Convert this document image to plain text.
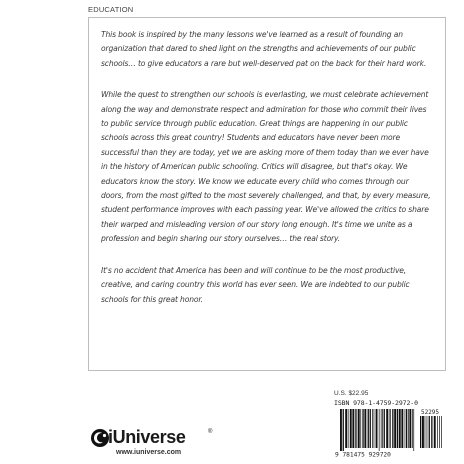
EDUCATION

This book is inspired by the many lessons we've learned as a result of founding an organization that dared to shed light on the strengths and achievements of our public schools… to give educators a rare but well-deserved pat on the back for their hard work.

While the quest to strengthen our schools is everlasting, we must celebrate achievement along the way and demonstrate respect and admiration for those who commit their lives to public service through public education. Great things are happening in our public schools across this great country! Students and educators have never been more successful than they are today, yet we are asking more of them today than we ever have in the history of American public schooling. Critics will disagree, but that's okay. We educators know the story. We know we educate every child who comes through our doors, from the most gifted to the most severely challenged, and that, by every measure, student performance improves with each passing year. We've allowed the critics to share their warped and misleading version of our story long enough. It's time we unite as a profession and begin sharing our story ourselves… the real story.

It's no accident that America has been and will continue to be the most productive, creative, and caring country this world has ever seen. We are indebted to our public schools for this great honor.

U.S. $22.95
ISBN 978-1-4759-2972-0
52295
9 781475 929720
iUniverse	®
www.iuniverse.com
